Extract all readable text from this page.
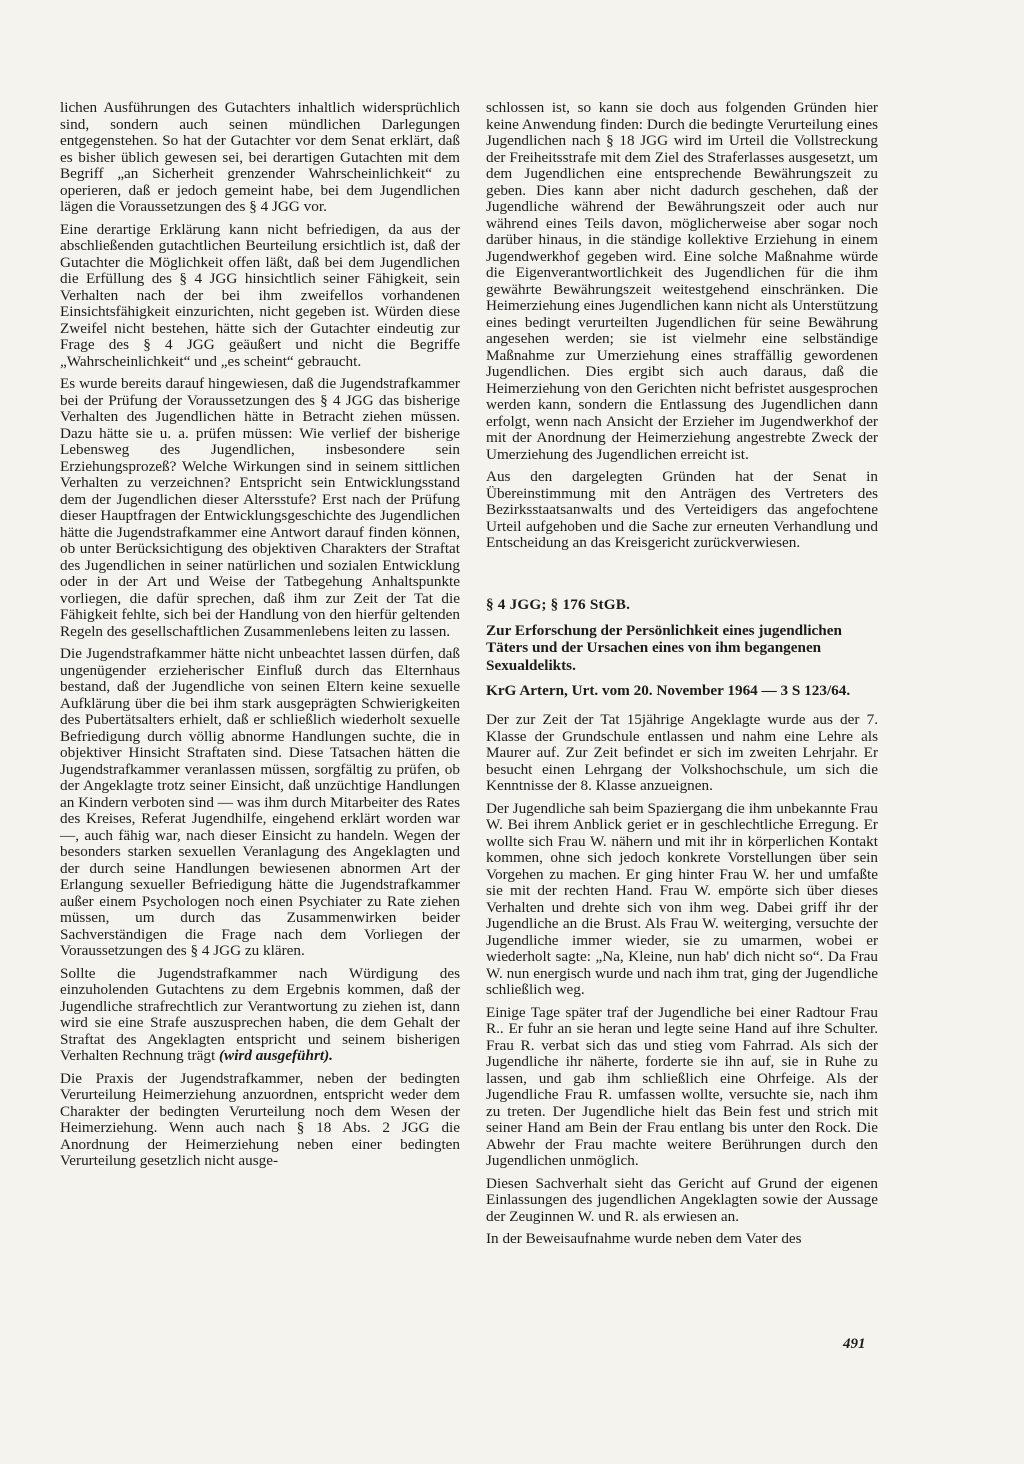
lichen Ausführungen des Gutachters inhaltlich widersprüchlich sind, sondern auch seinen mündlichen Darlegungen entgegenstehen. So hat der Gutachter vor dem Senat erklärt, daß es bisher üblich gewesen sei, bei derartigen Gutachten mit dem Begriff „an Sicherheit grenzender Wahrscheinlichkeit“ zu operieren, daß er jedoch gemeint habe, bei dem Jugendlichen lägen die Voraussetzungen des § 4 JGG vor.

Eine derartige Erklärung kann nicht befriedigen, da aus der abschließenden gutachtlichen Beurteilung ersichtlich ist, daß der Gutachter die Möglichkeit offen läßt, daß bei dem Jugendlichen die Erfüllung des § 4 JGG hinsichtlich seiner Fähigkeit, sein Verhalten nach der bei ihm zweifellos vorhandenen Einsichtsfähigkeit einzurichten, nicht gegeben ist. Würden diese Zweifel nicht bestehen, hätte sich der Gutachter eindeutig zur Frage des § 4 JGG geäußert und nicht die Begriffe „Wahrscheinlichkeit“ und „es scheint“ gebraucht.

Es wurde bereits darauf hingewiesen, daß die Jugendstrafkammer bei der Prüfung der Voraussetzungen des § 4 JGG das bisherige Verhalten des Jugendlichen hätte in Betracht ziehen müssen. Dazu hätte sie u. a. prüfen müssen: Wie verlief der bisherige Lebensweg des Jugendlichen, insbesondere sein Erziehungsprozeß? Welche Wirkungen sind in seinem sittlichen Verhalten zu verzeichnen? Entspricht sein Entwicklungsstand dem der Jugendlichen dieser Altersstufe? Erst nach der Prüfung dieser Hauptfragen der Entwicklungsgeschichte des Jugendlichen hätte die Jugendstrafkammer eine Antwort darauf finden können, ob unter Berücksichtigung des objektiven Charakters der Straftat des Jugendlichen in seiner natürlichen und sozialen Entwicklung oder in der Art und Weise der Tatbegehung Anhaltspunkte vorliegen, die dafür sprechen, daß ihm zur Zeit der Tat die Fähigkeit fehlte, sich bei der Handlung von den hierfür geltenden Regeln des gesellschaftlichen Zusammenlebens leiten zu lassen.

Die Jugendstrafkammer hätte nicht unbeachtet lassen dürfen, daß ungenügender erzieherischer Einfluß durch das Elternhaus bestand, daß der Jugendliche von seinen Eltern keine sexuelle Aufklärung über die bei ihm stark ausgeprägten Schwierigkeiten des Pubertätsalters erhielt, daß er schließlich wiederholt sexuelle Befriedigung durch völlig abnorme Handlungen suchte, die in objektiver Hinsicht Straftaten sind. Diese Tatsachen hätten die Jugendstrafkammer veranlassen müssen, sorgfältig zu prüfen, ob der Angeklagte trotz seiner Einsicht, daß unzüchtige Handlungen an Kindern verboten sind — was ihm durch Mitarbeiter des Rates des Kreises, Referat Jugendhilfe, eingehend erklärt worden war —, auch fähig war, nach dieser Einsicht zu handeln. Wegen der besonders starken sexuellen Veranlagung des Angeklagten und der durch seine Handlungen bewiesenen abnormen Art der Erlangung sexueller Befriedigung hätte die Jugendstrafkammer außer einem Psychologen noch einen Psychiater zu Rate ziehen müssen, um durch das Zusammenwirken beider Sachverständigen die Frage nach dem Vorliegen der Voraussetzungen des § 4 JGG zu klären.

Sollte die Jugendstrafkammer nach Würdigung des einzuholenden Gutachtens zu dem Ergebnis kommen, daß der Jugendliche strafrechtlich zur Verantwortung zu ziehen ist, dann wird sie eine Strafe auszusprechen haben, die dem Gehalt der Straftat des Angeklagten entspricht und seinem bisherigen Verhalten Rechnung trägt (wird ausgeführt).

Die Praxis der Jugendstrafkammer, neben der bedingten Verurteilung Heimerziehung anzuordnen, entspricht weder dem Charakter der bedingten Verurteilung noch dem Wesen der Heimerziehung. Wenn auch nach § 18 Abs. 2 JGG die Anordnung der Heimerziehung neben einer bedingten Verurteilung gesetzlich nicht ausge-

schlossen ist, so kann sie doch aus folgenden Gründen hier keine Anwendung finden: Durch die bedingte Verurteilung eines Jugendlichen nach § 18 JGG wird im Urteil die Vollstreckung der Freiheitsstrafe mit dem Ziel des Straferlasses ausgesetzt, um dem Jugendlichen eine entsprechende Bewährungszeit zu geben. Dies kann aber nicht dadurch geschehen, daß der Jugendliche während der Bewährungszeit oder auch nur während eines Teils davon, möglicherweise aber sogar noch darüber hinaus, in die ständige kollektive Erziehung in einem Jugendwerkhof gegeben wird. Eine solche Maßnahme würde die Eigenverantwortlichkeit des Jugendlichen für die ihm gewährte Bewährungszeit weitestgehend einschränken. Die Heimerziehung eines Jugendlichen kann nicht als Unterstützung eines bedingt verurteilten Jugendlichen für seine Bewährung angesehen werden; sie ist vielmehr eine selbständige Maßnahme zur Umerziehung eines straffällig gewordenen Jugendlichen. Dies ergibt sich auch daraus, daß die Heimerziehung von den Gerichten nicht befristet ausgesprochen werden kann, sondern die Entlassung des Jugendlichen dann erfolgt, wenn nach Ansicht der Erzieher im Jugendwerkhof der mit der Anordnung der Heimerziehung angestrebte Zweck der Umerziehung des Jugendlichen erreicht ist.

Aus den dargelegten Gründen hat der Senat in Übereinstimmung mit den Anträgen des Vertreters des Bezirksstaatsanwalts und des Verteidigers das angefochtene Urteil aufgehoben und die Sache zur erneuten Verhandlung und Entscheidung an das Kreisgericht zurückverwiesen.

§ 4 JGG; § 176 StGB.
Zur Erforschung der Persönlichkeit eines jugendlichen Täters und der Ursachen eines von ihm begangenen Sexualdelikts.
KrG Artern, Urt. vom 20. November 1964 — 3 S 123/64.

Der zur Zeit der Tat 15jährige Angeklagte wurde aus der 7. Klasse der Grundschule entlassen und nahm eine Lehre als Maurer auf. Zur Zeit befindet er sich im zweiten Lehrjahr. Er besucht einen Lehrgang der Volkshochschule, um sich die Kenntnisse der 8. Klasse anzueignen.

Der Jugendliche sah beim Spaziergang die ihm unbekannte Frau W. Bei ihrem Anblick geriet er in geschlechtliche Erregung. Er wollte sich Frau W. nähern und mit ihr in körperlichen Kontakt kommen, ohne sich jedoch konkrete Vorstellungen über sein Vorgehen zu machen. Er ging hinter Frau W. her und umfaßte sie mit der rechten Hand. Frau W. empörte sich über dieses Verhalten und drehte sich von ihm weg. Dabei griff ihr der Jugendliche an die Brust. Als Frau W. weiterging, versuchte der Jugendliche immer wieder, sie zu umarmen, wobei er wiederholt sagte: „Na, Kleine, nun hab' dich nicht so“. Da Frau W. nun energisch wurde und nach ihm trat, ging der Jugendliche schließlich weg.

Einige Tage später traf der Jugendliche bei einer Radtour Frau R.. Er fuhr an sie heran und legte seine Hand auf ihre Schulter. Frau R. verbat sich das und stieg vom Fahrrad. Als sich der Jugendliche ihr näherte, forderte sie ihn auf, sie in Ruhe zu lassen, und gab ihm schließlich eine Ohrfeige. Als der Jugendliche Frau R. umfassen wollte, versuchte sie, nach ihm zu treten. Der Jugendliche hielt das Bein fest und strich mit seiner Hand am Bein der Frau entlang bis unter den Rock. Die Abwehr der Frau machte weitere Berührungen durch den Jugendlichen unmöglich.

Diesen Sachverhalt sieht das Gericht auf Grund der eigenen Einlassungen des jugendlichen Angeklagten sowie der Aussage der Zeuginnen W. und R. als erwiesen an.

In der Beweisaufnahme wurde neben dem Vater des

491
